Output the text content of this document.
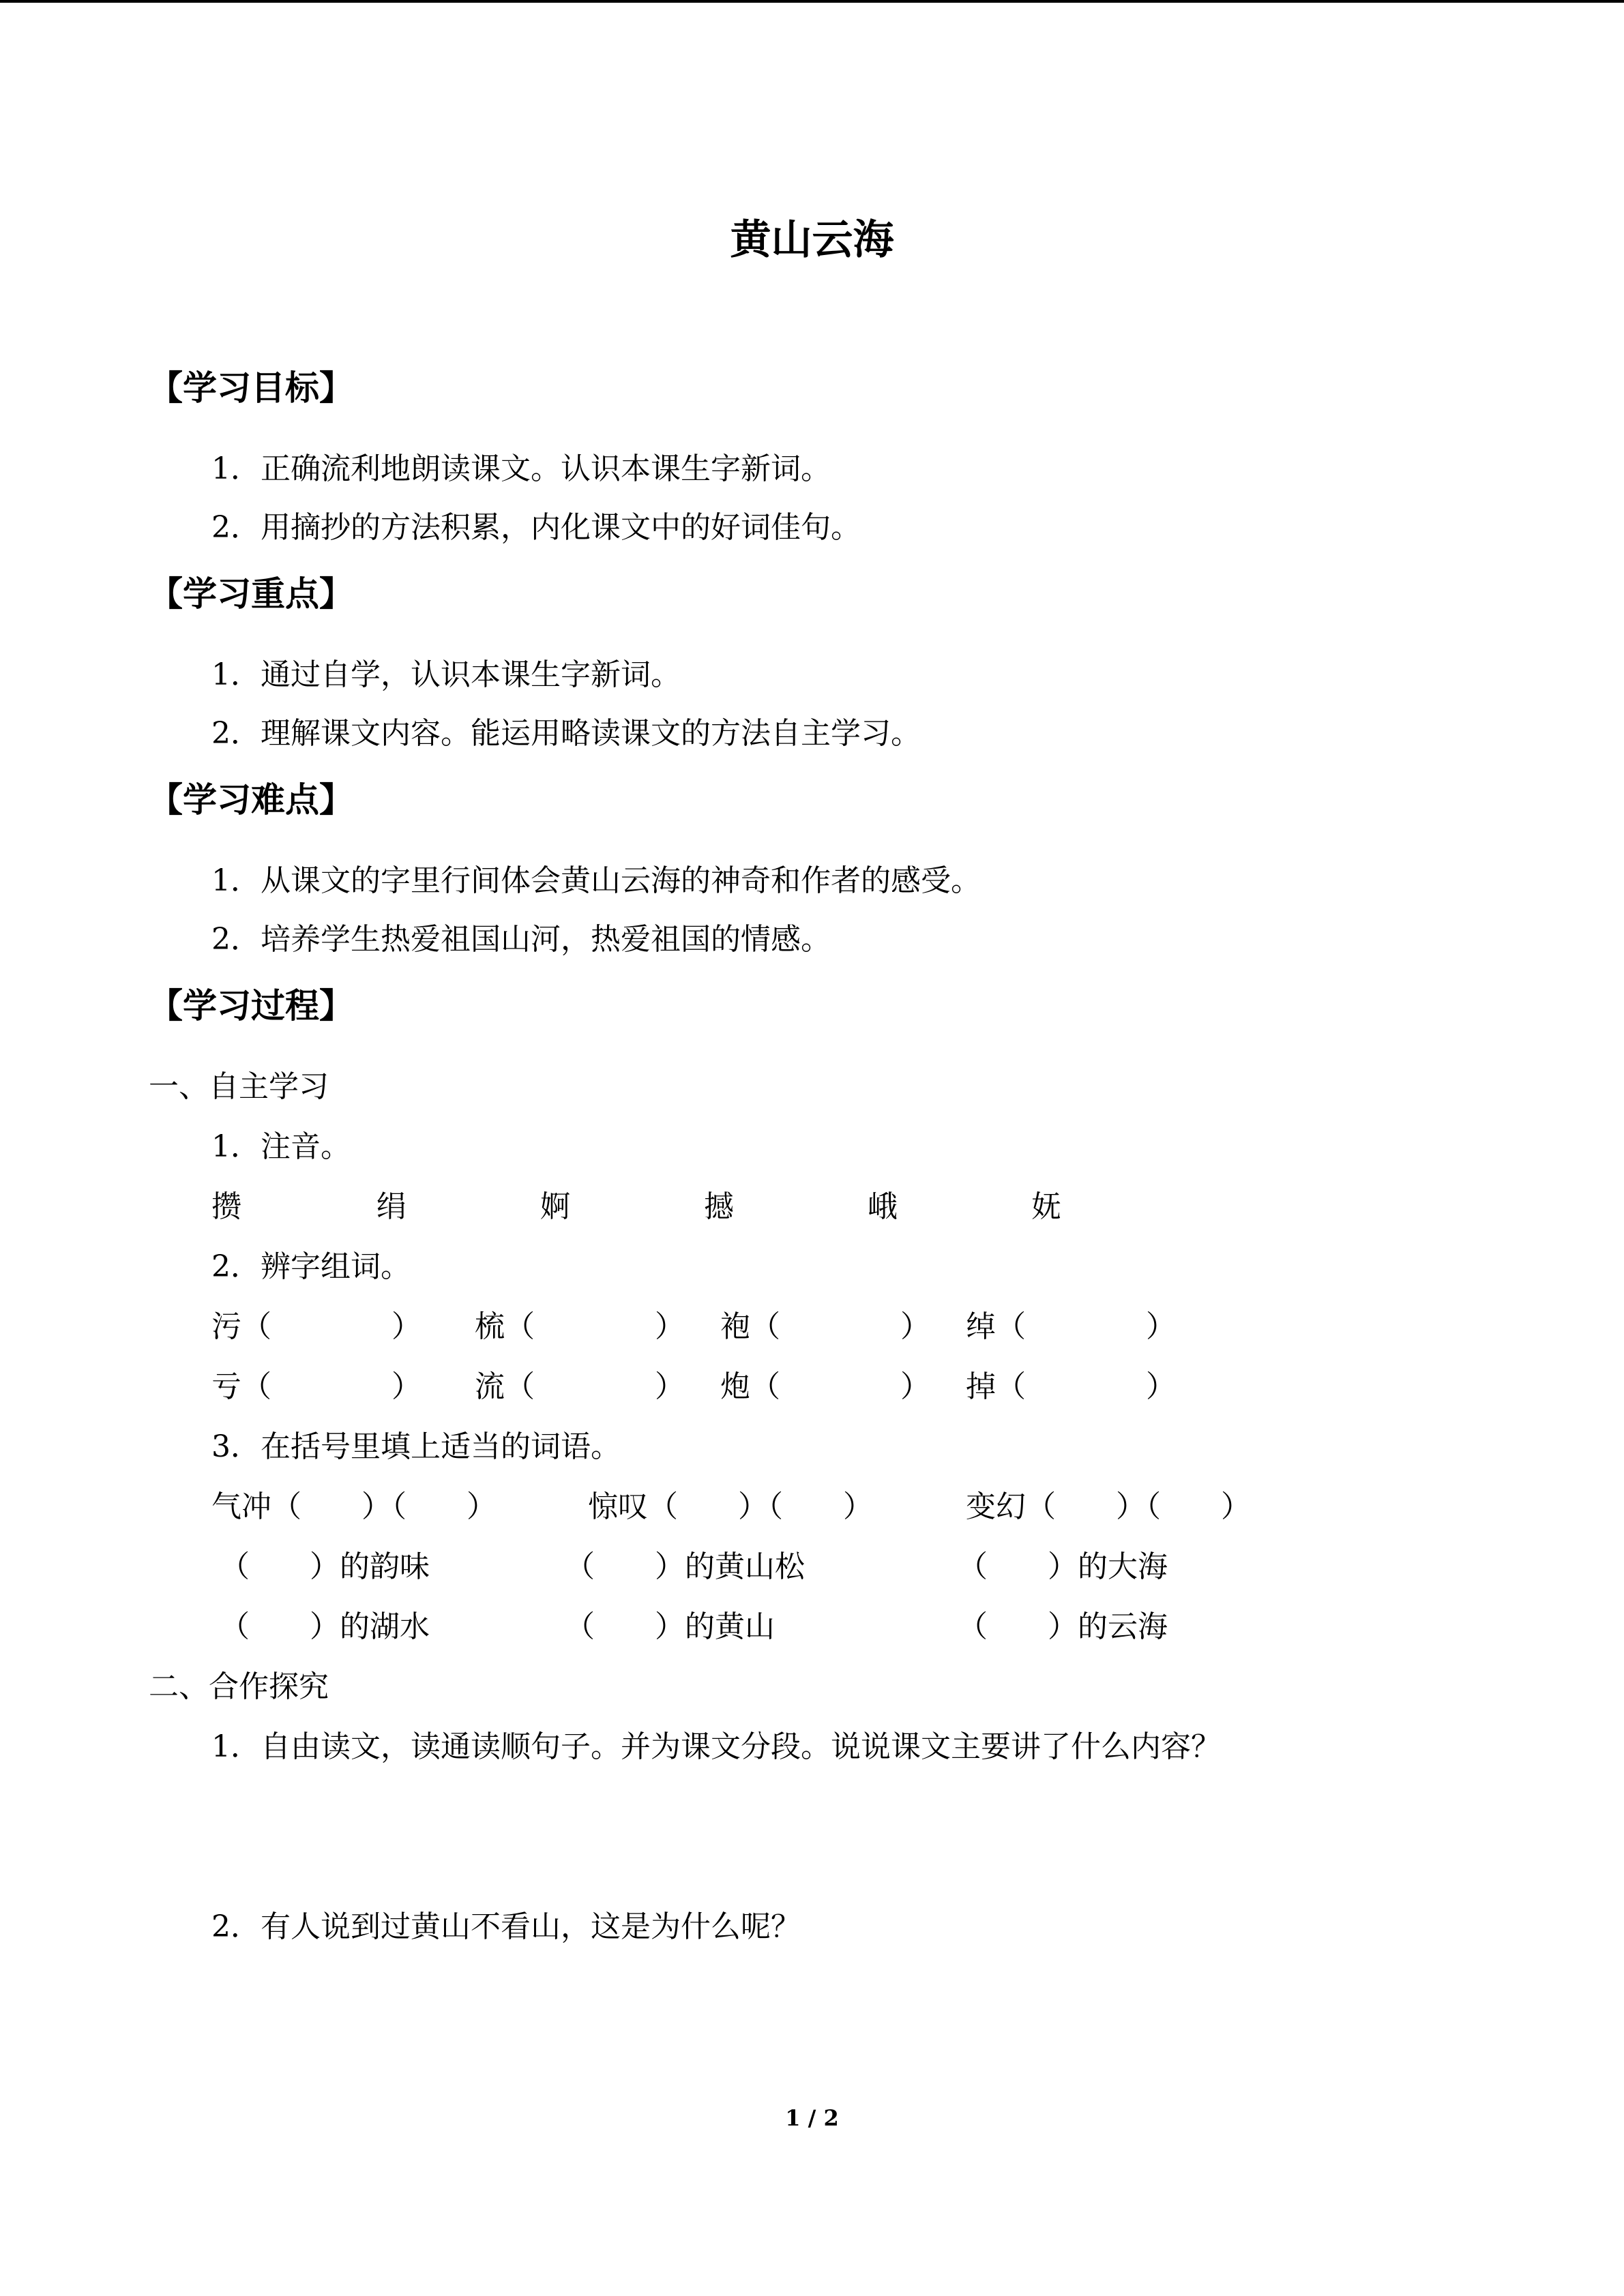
黄山云海
【学习目标】
1．正确流利地朗读课文。认识本课生字新词。
2．用摘抄的方法积累，内化课文中的好词佳句。
【学习重点】
1．通过自学，认识本课生字新词。
2．理解课文内容。能运用略读课文的方法自主学习。
【学习难点】
1．从课文的字里行间体会黄山云海的神奇和作者的感受。
2．培养学生热爱祖国山河，热爱祖国的情感。
【学习过程】
一、自主学习
1．注音。
攒	绢	婀	撼	峨	妩
2．辨字组词。
污（　　　　） 梳（　　　　） 袍（　　　　） 绰（　　　　）
亏（　　　　） 流（　　　　） 炮（　　　　） 掉（　　　　）
3．在括号里填上适当的词语。
气冲（　　）（　　）	惊叹（　　）（　　）	变幻（　　）（　　）
（　　）的韵味	（　　）的黄山松	（　　）的大海
（　　）的湖水	（　　）的黄山	（　　）的云海
二、合作探究
1．自由读文，读通读顺句子。并为课文分段。说说课文主要讲了什么内容？
2．有人说到过黄山不看山，这是为什么呢？
1 / 2
